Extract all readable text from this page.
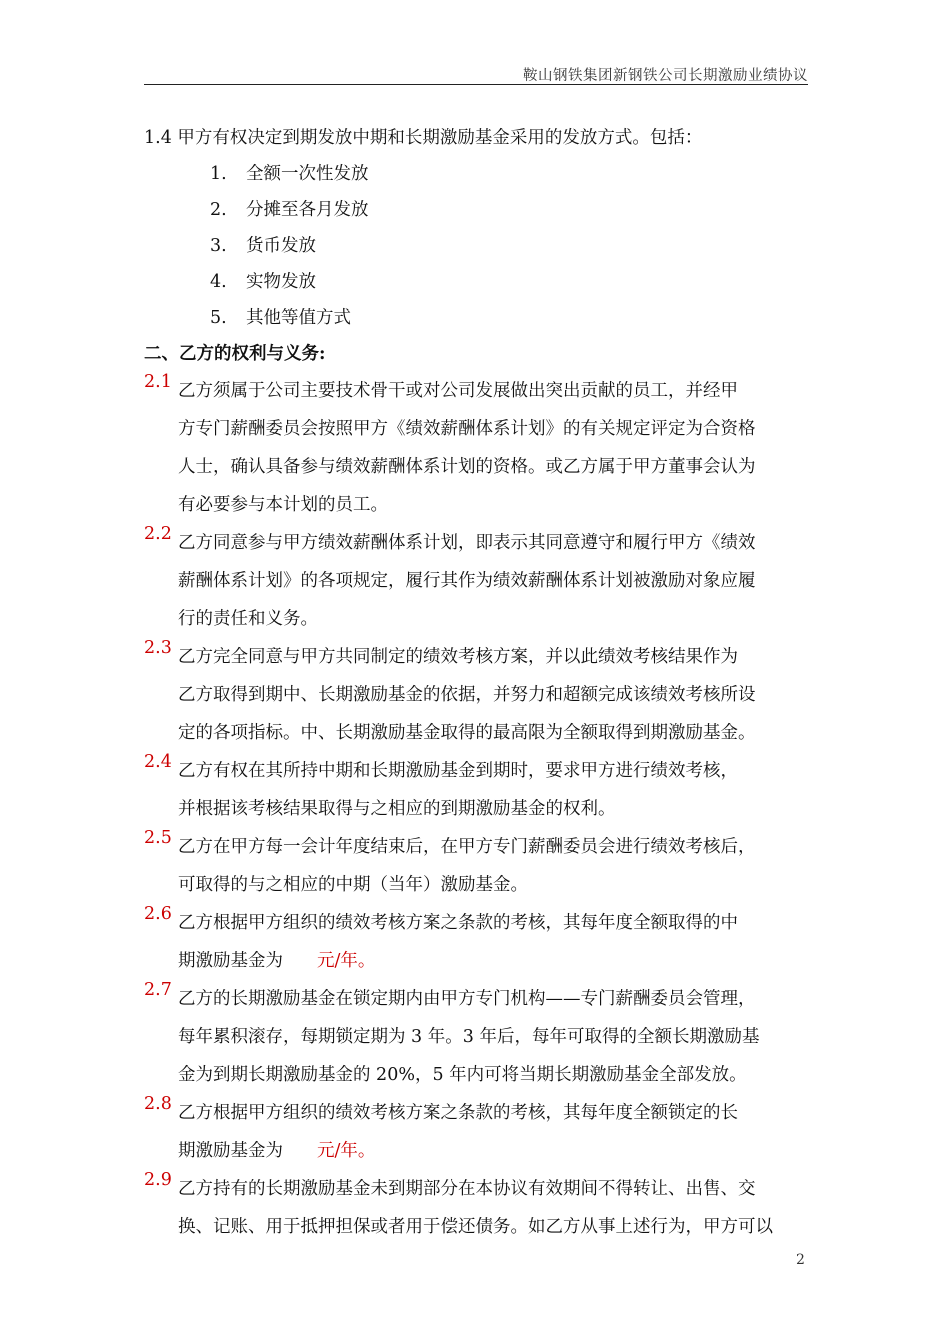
鞍山钢铁集团新钢铁公司长期激励业绩协议
1.4 甲方有权决定到期发放中期和长期激励基金采用的发放方式。包括：
1. 全额一次性发放
2. 分摊至各月发放
3. 货币发放
4. 实物发放
5. 其他等值方式
二、乙方的权利与义务:
2.1 乙方须属于公司主要技术骨干或对公司发展做出突出贡献的员工，并经甲
方专门薪酬委员会按照甲方《绩效薪酬体系计划》的有关规定评定为合资格
人士，确认具备参与绩效薪酬体系计划的资格。或乙方属于甲方董事会认为
有必要参与本计划的员工。
2.2 乙方同意参与甲方绩效薪酬体系计划，即表示其同意遵守和履行甲方《绩效
薪酬体系计划》的各项规定，履行其作为绩效薪酬体系计划被激励对象应履
行的责任和义务。
2.3 乙方完全同意与甲方共同制定的绩效考核方案，并以此绩效考核结果作为
乙方取得到期中、长期激励基金的依据，并努力和超额完成该绩效考核所设
定的各项指标。中、长期激励基金取得的最高限为全额取得到期激励基金。
2.4 乙方有权在其所持中期和长期激励基金到期时，要求甲方进行绩效考核，
并根据该考核结果取得与之相应的到期激励基金的权利。
2.5 乙方在甲方每一会计年度结束后，在甲方专门薪酬委员会进行绩效考核后，
可取得的与之相应的中期（当年）激励基金。
2.6 乙方根据甲方组织的绩效考核方案之条款的考核，其每年度全额取得的中
期激励基金为 元/年。
2.7 乙方的长期激励基金在锁定期内由甲方专门机构——专门薪酬委员会管理，
每年累积滚存，每期锁定期为 3 年。3 年后，每年可取得的全额长期激励基
金为到期长期激励基金的 20%，5 年内可将当期长期激励基金全部发放。
2.8 乙方根据甲方组织的绩效考核方案之条款的考核，其每年度全额锁定的长
期激励基金为 元/年。
2.9 乙方持有的长期激励基金未到期部分在本协议有效期间不得转让、出售、交
换、记账、用于抵押担保或者用于偿还债务。如乙方从事上述行为，甲方可以
2
